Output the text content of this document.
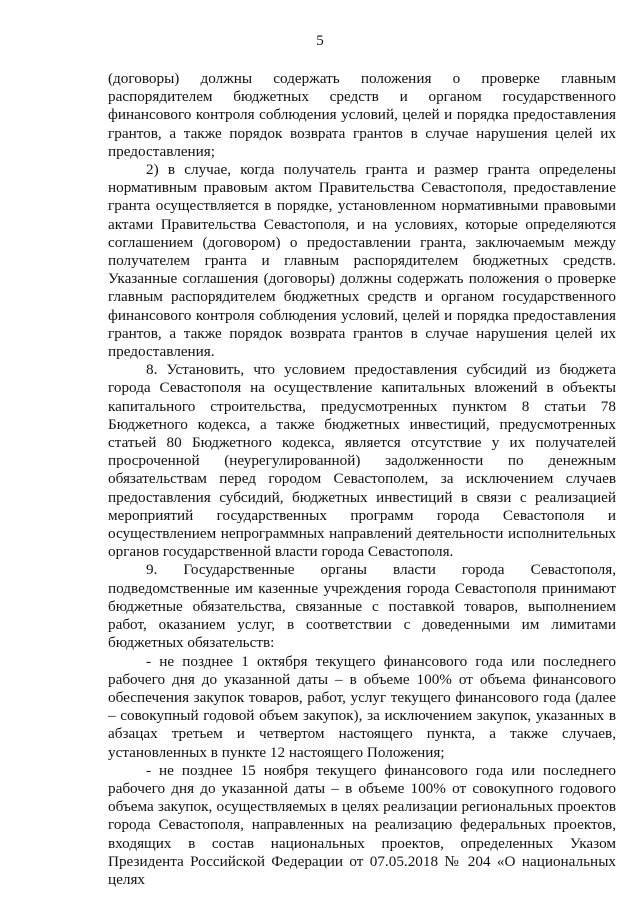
5

(договоры) должны содержать положения о проверке главным распорядителем бюджетных средств и органом государственного финансового контроля соблюдения условий, целей и порядка предоставления грантов, а также порядок возврата грантов в случае нарушения целей их предоставления;

2) в случае, когда получатель гранта и размер гранта определены нормативным правовым актом Правительства Севастополя, предоставление гранта осуществляется в порядке, установленном нормативными правовыми актами Правительства Севастополя, и на условиях, которые определяются соглашением (договором) о предоставлении гранта, заключаемым между получателем гранта и главным распорядителем бюджетных средств. Указанные соглашения (договоры) должны содержать положения о проверке главным распорядителем бюджетных средств и органом государственного финансового контроля соблюдения условий, целей и порядка предоставления грантов, а также порядок возврата грантов в случае нарушения целей их предоставления.

8. Установить, что условием предоставления субсидий из бюджета города Севастополя на осуществление капитальных вложений в объекты капитального строительства, предусмотренных пунктом 8 статьи 78 Бюджетного кодекса, а также бюджетных инвестиций, предусмотренных статьей 80 Бюджетного кодекса, является отсутствие у их получателей просроченной (неурегулированной) задолженности по денежным обязательствам перед городом Севастополем, за исключением случаев предоставления субсидий, бюджетных инвестиций в связи с реализацией мероприятий государственных программ города Севастополя и осуществлением непрограммных направлений деятельности исполнительных органов государственной власти города Севастополя.

9. Государственные органы власти города Севастополя, подведомственные им казенные учреждения города Севастополя принимают бюджетные обязательства, связанные с поставкой товаров, выполнением работ, оказанием услуг, в соответствии с доведенными им лимитами бюджетных обязательств:

- не позднее 1 октября текущего финансового года или последнего рабочего дня до указанной даты – в объеме 100% от объема финансового обеспечения закупок товаров, работ, услуг текущего финансового года (далее – совокупный годовой объем закупок), за исключением закупок, указанных в абзацах третьем и четвертом настоящего пункта, а также случаев, установленных в пункте 12 настоящего Положения;

- не позднее 15 ноября текущего финансового года или последнего рабочего дня до указанной даты – в объеме 100% от совокупного годового объема закупок, осуществляемых в целях реализации региональных проектов города Севастополя, направленных на реализацию федеральных проектов, входящих в состав национальных проектов, определенных Указом Президента Российской Федерации от 07.05.2018 № 204 «О национальных целях
